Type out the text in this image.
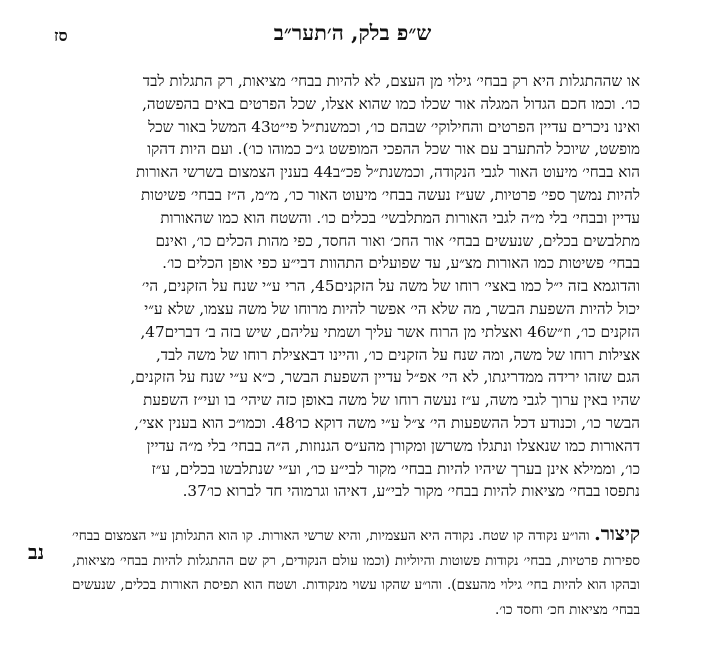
ש״פ בלק, ה׳תער״ב
סז
או שההתגלות היא רק בבחי׳ גילוי מן העצם, לא להיות בבחי׳ מציאות, רק התגלות לבד
כו׳. וכמו חכם הגדול המגלה אור שכלו כמו שהוא אצלו, שכל הפרטים באים בהפשטה,
ואינו ניכרים עדיין הפרטים והחילוקי׳ שבהם כו׳, וכמשנת״ל פי״ט43 המשל באור שכל
מופשט, שיוכל להתערב עם אור שכל ההפכי המופשט ג״כ כמוהו כו׳). ועם היות דהקו
הוא בבחי׳ מיעוט האור לגבי הנקודה, וכמשנת״ל פכ״ב44 בענין הצמצום בשרשי האורות
להיות נמשך ספי׳ פרטיות, שע״ז נעשה בבחי׳ מיעוט האור כו׳, מ״מ, ה״ז בבחי׳ פשיטות
עדיין ובבחי׳ בלי מ״ה לגבי האורות המתלבשי׳ בכלים כו׳. והשטח הוא כמו שהאורות
מתלבשים בכלים, שנעשים בבחי׳ אור החכ׳ ואור החסד, כפי מהות הכלים כו׳, ואינם
בבחי׳ פשיטות כמו האורות מצ״ע, עד שפועלים התהוות דבי״ע כפי אופן הכלים כו׳.
והדוגמא בזה י״ל כמו באצי׳ רוחו של משה על הזקנים45, הרי ע״י שנח על הזקנים, הי׳
יכול להיות השפעת הבשר, מה שלא הי׳ אפשר להיות מרוחו של משה עצמו, שלא ע״י
הזקנים כו׳, וז״ש46 ואצלתי מן הרוח אשר עליך ושמתי עליהם, שיש בזה ב׳ דברים47,
אצילות רוחו של משה, ומה שנח על הזקנים כו׳, והיינו דבאצילת רוחו של משה לבד,
הגם שזהו ירידה ממדריגתו, לא הי׳ אפ״ל עדיין השפעת הבשר, כ״א ע״י שנח על הזקנים,
שהיו באין ערוך לגבי משה, ע״ז נעשה רוחו של משה באופן כזה שיהי׳ בו ועי״ז השפעת
הבשר כו׳, וכנודע דכל ההשפעות הי׳ צ״ל ע״י משה דוקא כו׳48. וכמו״כ הוא בענין אצי׳,
דהאורות כמו שנאצלו ונתגלו משרשן ומקורן מהע״ס הגנוזות, ה״ה בבחי׳ בלי מ״ה עדיין
כו׳, וממילא אינן בערך שיהיו להיות בבחי׳ מקור לבי״ע כו׳, וע״י שנתלבשו בכלים, ע״ז
נתפסו בבחי׳ מציאות להיות בבחי׳ מקור לבי״ע, דאיהו וגרמוהי חד לברוא כו׳37.
קיצור. והו״ע נקודה קו שטח. נקודה היא העצמיות, והיא שרשי האורות. קו הוא התגלותן ע״י הצמצום בבחי׳ ספירות פרטיות, בבחי׳ נקודות פשוטות והיוליות (וכמו עולם הנקודים, רק שם ההתגלות להיות בבחי׳ מציאות, ובהקו הוא להיות בחי׳ גילוי מהעצם). והו״ע שהקו עשוי מנקודות. ושטח הוא תפיסת האורות בכלים, שנעשים בבחי׳ מציאות חכ׳ וחסד כו׳.
נב
